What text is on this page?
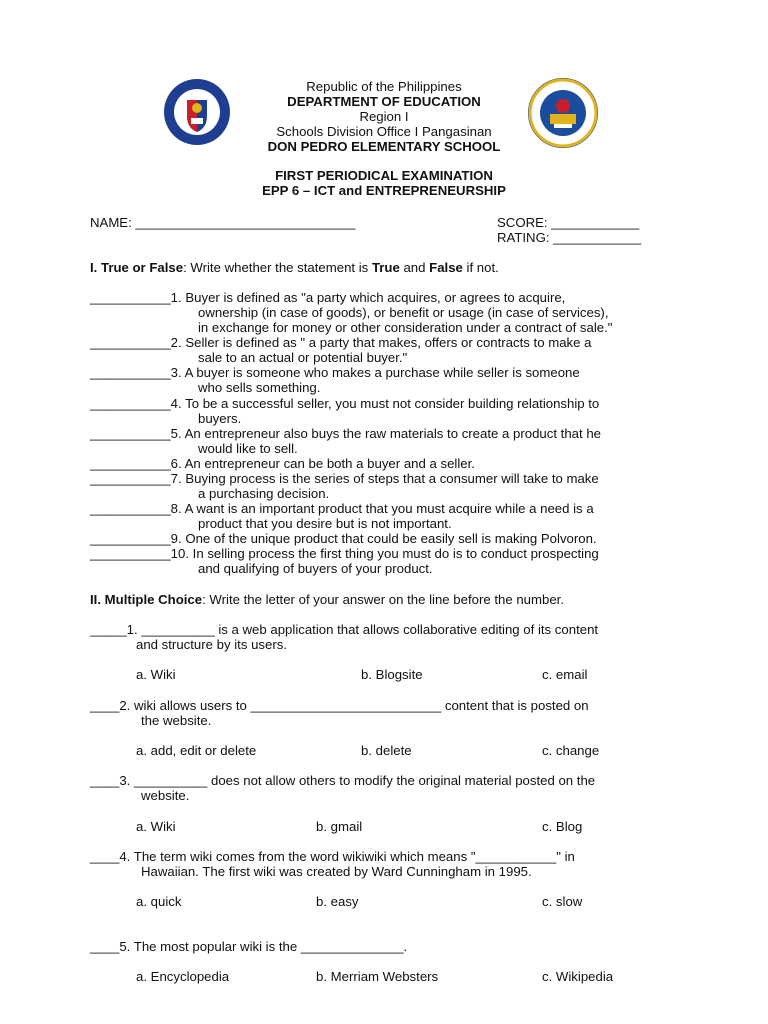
Republic of the Philippines
DEPARTMENT OF EDUCATION
Region I
Schools Division Office I Pangasinan
DON PEDRO ELEMENTARY SCHOOL
FIRST PERIODICAL EXAMINATION
EPP 6 – ICT and ENTREPRENEURSHIP
NAME: ______________________________	SCORE: ____________
RATING: ____________
I. True or False: Write whether the statement is True and False if not.
___________1. Buyer is defined as "a party which acquires, or agrees to acquire,
ownership (in case of goods), or benefit or usage (in case of services),
in exchange for money or other consideration under a contract of sale."
___________2. Seller is defined as " a party that makes, offers or contracts to make a
sale to an actual or potential buyer."
___________3. A buyer is someone who makes a purchase while seller is someone
who sells something.
___________4. To be a successful seller, you must not consider building relationship to
buyers.
___________5. An entrepreneur also buys the raw materials to create a product that he
would like to sell.
___________6. An entrepreneur can be both a buyer and a seller.
___________7. Buying process is the series of steps that a consumer will take to make
a purchasing decision.
___________8. A want is an important product that you must acquire while a need is a
product that you desire but is not important.
___________9. One of the unique product that could be easily sell is making Polvoron.
___________10. In selling process the first thing you must do is to conduct prospecting
and qualifying of buyers of your product.
II. Multiple Choice: Write the letter of your answer on the line before the number.
_____1. __________ is a web application that allows collaborative editing of its content
and structure by its users.
a. Wiki	b. Blogsite	c. email
____2. wiki allows users to __________________________ content that is posted on
the website.
a. add, edit or delete	b. delete	c. change
____3. __________ does not allow others to modify the original material posted on the
website.
a. Wiki	b. gmail	c. Blog
____4. The term wiki comes from the word wikiwiki which means "___________" in
Hawaiian. The first wiki was created by Ward Cunningham in 1995.
a. quick	b. easy	c. slow
____5. The most popular wiki is the ______________.
a. Encyclopedia	b. Merriam Websters	c. Wikipedia
